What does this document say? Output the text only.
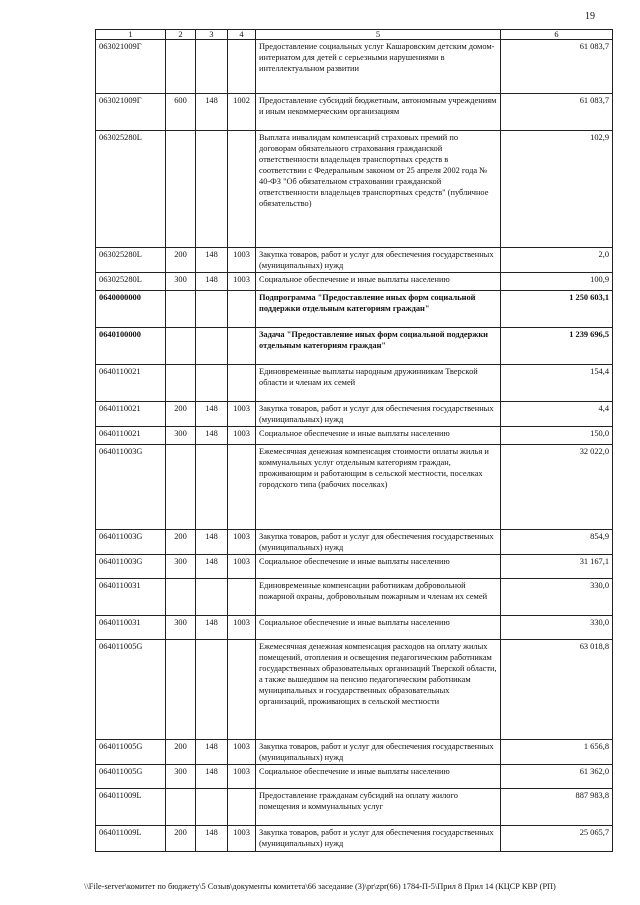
19
1	2	3	4	5	6
063021009Г				Предоставление социальных услуг Кашаровским детским домом-интернатом для детей с серьезными нарушениями в интеллектуальном развитии	61 083,7
063021009Г	600	148	1002	Предоставление субсидий бюджетным, автономным учреждениям и иным некоммерческим организациям	61 083,7
063025280L				Выплата инвалидам компенсаций страховых премий по договорам обязательного страхования гражданской ответственности владельцев транспортных средств в соответствии с Федеральным законом от 25 апреля 2002 года № 40-ФЗ "Об обязательном страховании гражданской ответственности владельцев транспортных средств" (публичное обязательство)	102,9
063025280L	200	148	1003	Закупка товаров, работ и услуг для обеспечения государственных (муниципальных) нужд	2,0
063025280L	300	148	1003	Социальное обеспечение и иные выплаты населению	100,9
0640000000				Подпрограмма "Предоставление иных форм социальной поддержки отдельным категориям граждан"	1 250 603,1
0640100000				Задача "Предоставление иных форм социальной поддержки отдельным категориям граждан"	1 239 696,5
0640110021				Единовременные выплаты народным дружинникам Тверской области и членам их семей	154,4
0640110021	200	148	1003	Закупка товаров, работ и услуг для обеспечения государственных (муниципальных) нужд	4,4
0640110021	300	148	1003	Социальное обеспечение и иные выплаты населению	150,0
064011003G				Ежемесячная денежная компенсация стоимости оплаты жилья и коммунальных услуг отдельным категориям граждан, проживающим и работающим в сельской местности, поселках городского типа (рабочих поселках)	32 022,0
064011003G	200	148	1003	Закупка товаров, работ и услуг для обеспечения государственных (муниципальных) нужд	854,9
064011003G	300	148	1003	Социальное обеспечение и иные выплаты населению	31 167,1
0640110031				Единовременные компенсации работникам добровольной пожарной охраны, добровольным пожарным и членам их семей	330,0
0640110031	300	148	1003	Социальное обеспечение и иные выплаты населению	330,0
064011005G				Ежемесячная денежная компенсация расходов на оплату жилых помещений, отопления и освещения педагогическим работникам государственных образовательных организаций Тверской области, а также вышедшим на пенсию педагогическим работникам муниципальных и государственных образовательных организаций, проживающих в сельской местности	63 018,8
064011005G	200	148	1003	Закупка товаров, работ и услуг для обеспечения государственных (муниципальных) нужд	1 656,8
064011005G	300	148	1003	Социальное обеспечение и иные выплаты населению	61 362,0
064011009L				Предоставление гражданам субсидий на оплату жилого помещения и коммунальных услуг	887 983,8
064011009L	200	148	1003	Закупка товаров, работ и услуг для обеспечения государственных (муниципальных) нужд	25 065,7
\\File-server\комитет по бюджету\5 Созыв\документы комитета\66 заседание (3)\pr\zpr(66) 1784-П-5\Прил 8 Прил 14 (КЦСР КВР (РП)
